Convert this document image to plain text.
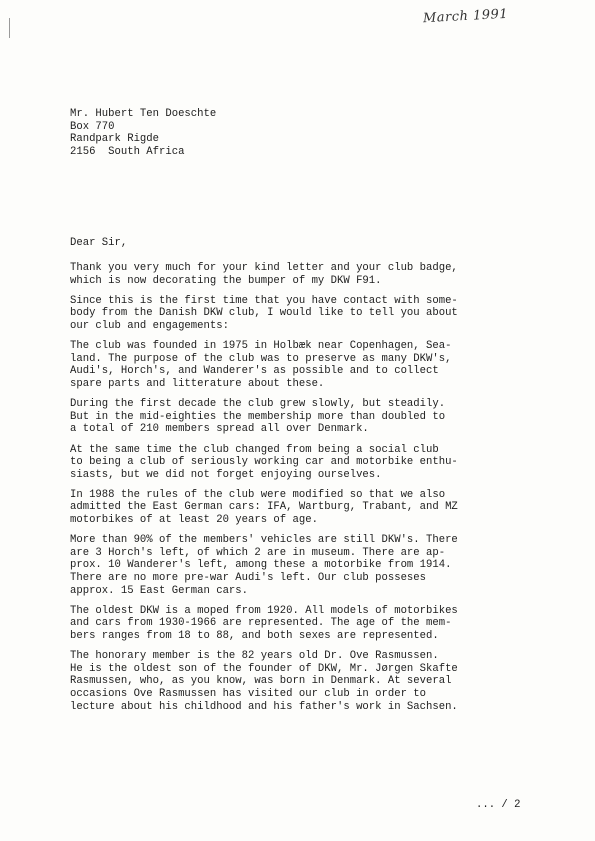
March 1991
Mr. Hubert Ten Doeschte
Box 770
Randpark Rigde
2156  South Africa
Dear Sir,

Thank you very much for your kind letter and your club badge,
which is now decorating the bumper of my DKW F91.

Since this is the first time that you have contact with some-
body from the Danish DKW club, I would like to tell you about
our club and engagements:

The club was founded in 1975 in Holbæk near Copenhagen, Sea-
land. The purpose of the club was to preserve as many DKW's,
Audi's, Horch's, and Wanderer's as possible and to collect
spare parts and litterature about these.

During the first decade the club grew slowly, but steadily.
But in the mid-eighties the membership more than doubled to
a total of 210 members spread all over Denmark.

At the same time the club changed from being a social club
to being a club of seriously working car and motorbike enthu-
siasts, but we did not forget enjoying ourselves.

In 1988 the rules of the club were modified so that we also
admitted the East German cars: IFA, Wartburg, Trabant, and MZ
motorbikes of at least 20 years of age.

More than 90% of the members' vehicles are still DKW's. There
are 3 Horch's left, of which 2 are in museum. There are ap-
prox. 10 Wanderer's left, among these a motorbike from 1914.
There are no more pre-war Audi's left. Our club posseses
approx. 15 East German cars.

The oldest DKW is a moped from 1920. All models of motorbikes
and cars from 1930-1966 are represented. The age of the mem-
bers ranges from 18 to 88, and both sexes are represented.

The honorary member is the 82 years old Dr. Ove Rasmussen.
He is the oldest son of the founder of DKW, Mr. Jørgen Skafte
Rasmussen, who, as you know, was born in Denmark. At several
occasions Ove Rasmussen has visited our club in order to
lecture about his childhood and his father's work in Sachsen.

... / 2
